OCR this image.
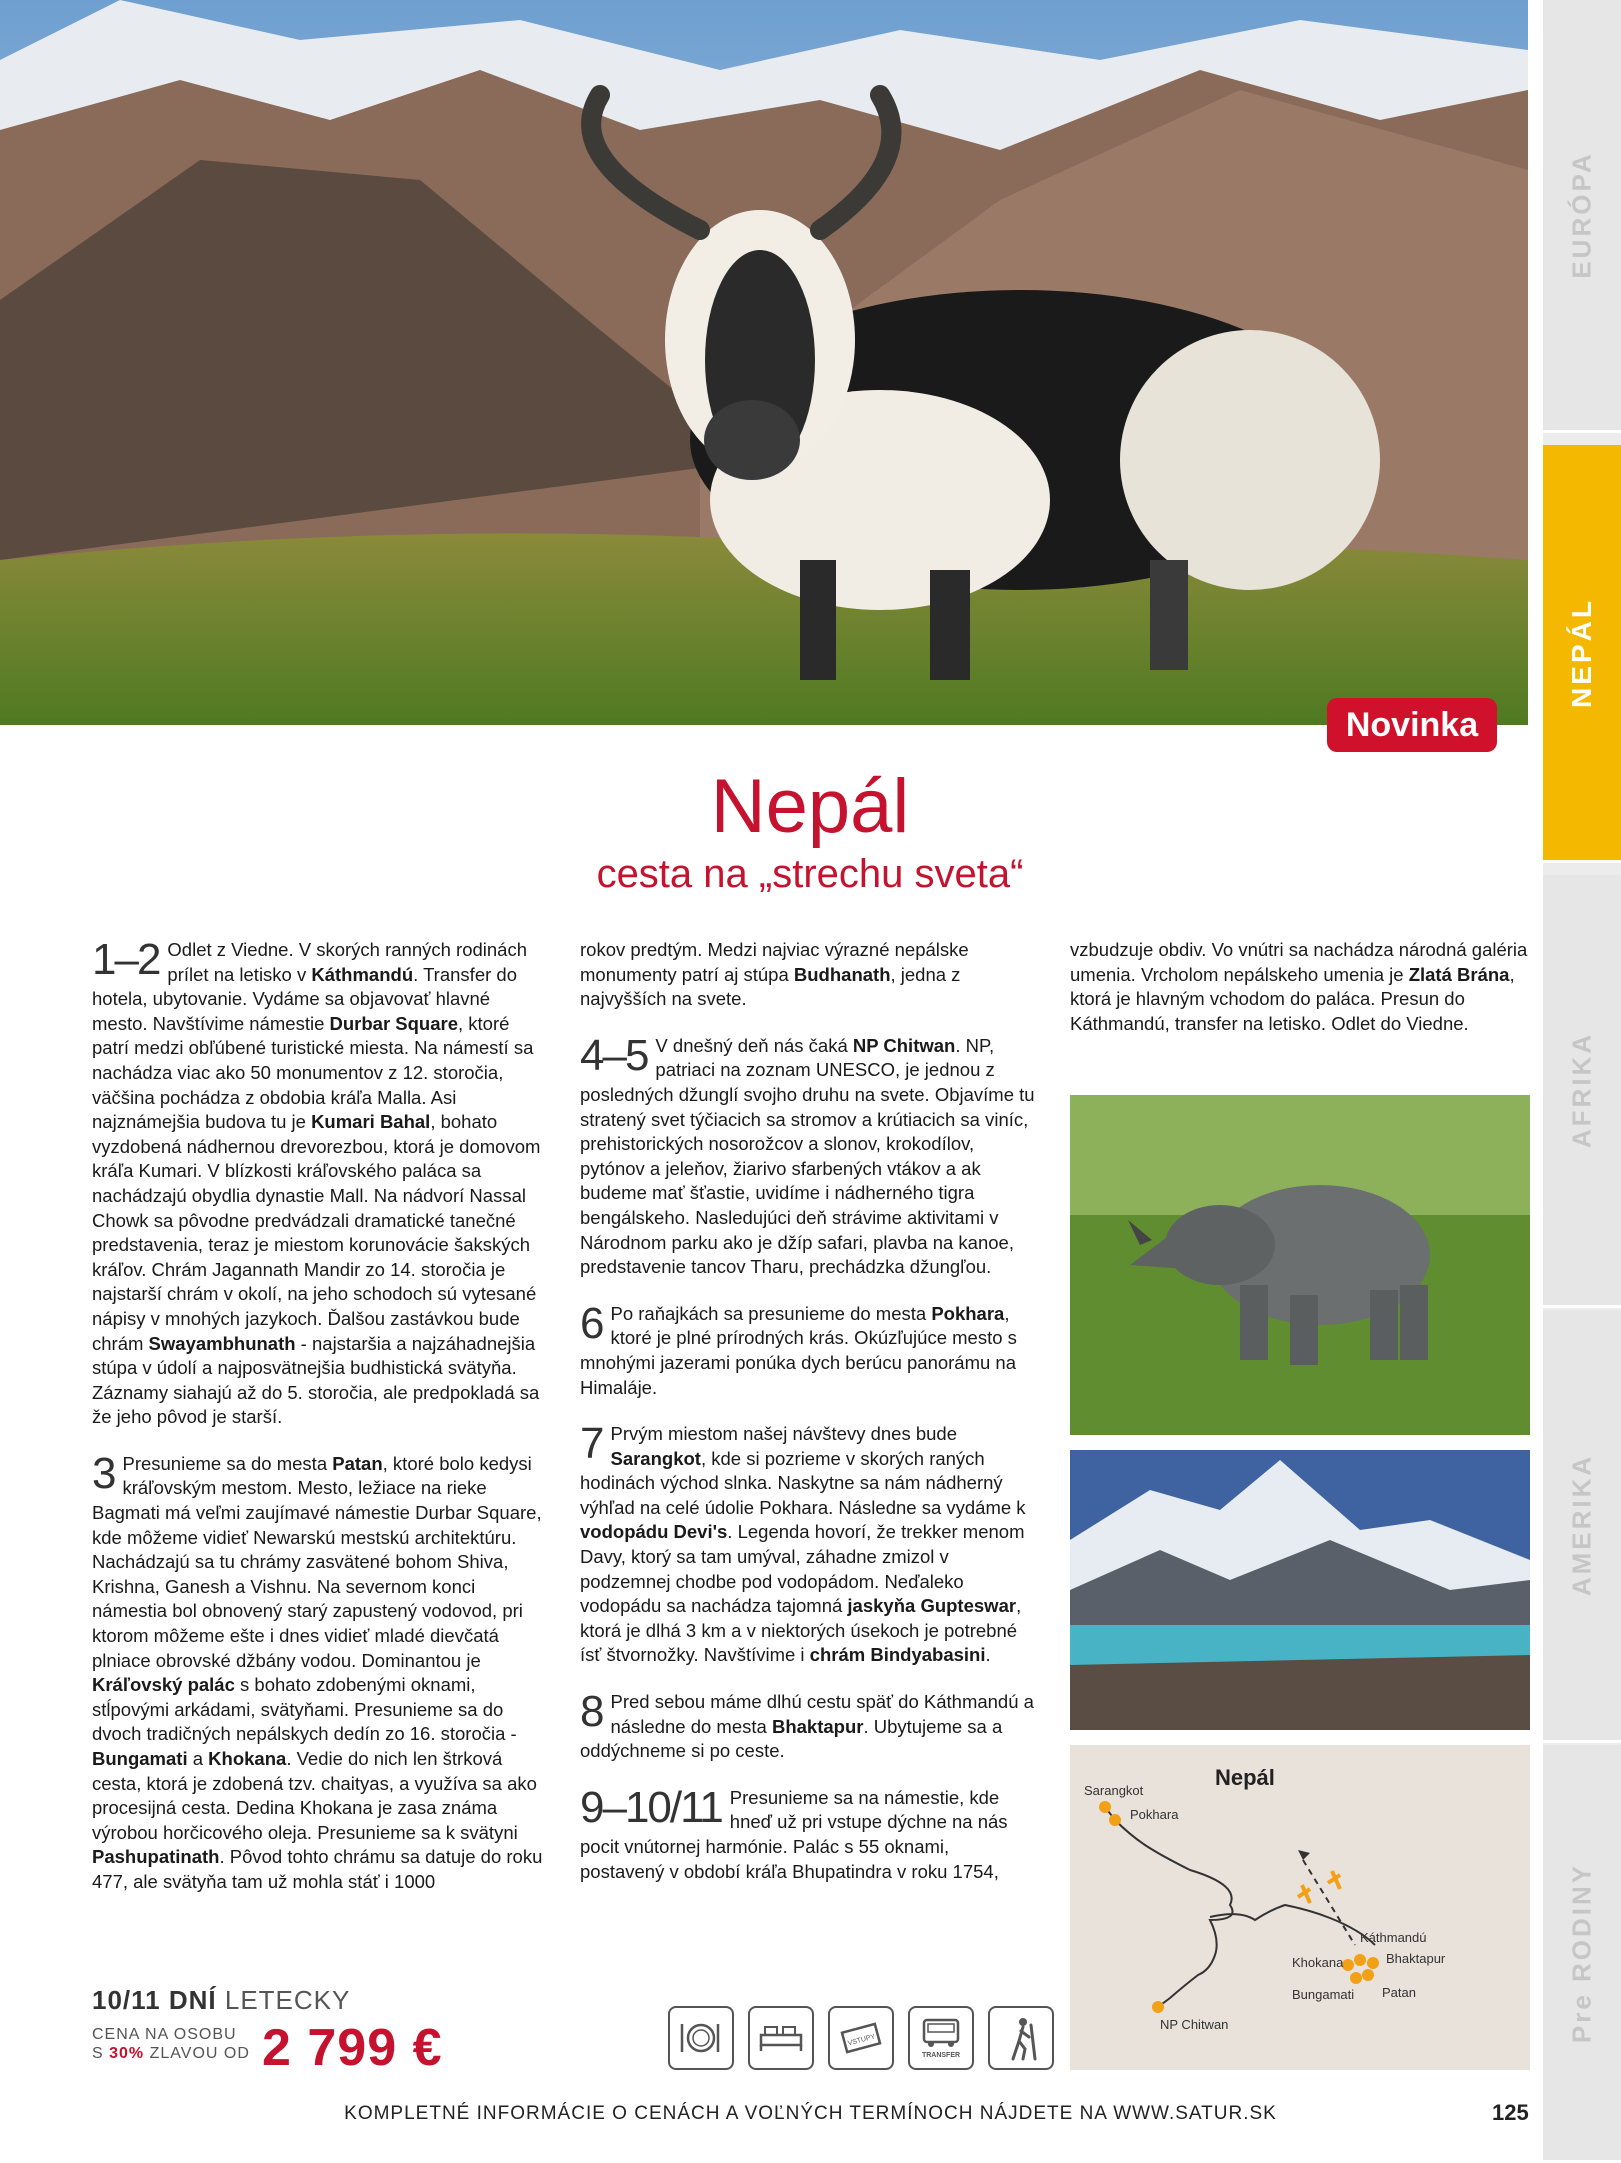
Novinka
EURÓPA
NEPÁL
AFRIKA
AMERIKA
Pre RODINY
Nepál
cesta na „strechu sveta“

1–2 Odlet z Viedne. V skorých ranných rodinách prílet na letisko v Káthmandú. Transfer do hotela, ubytovanie. Vydáme sa objavovať hlavné mesto. Navštívime námestie Durbar Square, ktoré patrí medzi obľúbené turistické miesta. Na námestí sa nachádza viac ako 50 monumentov z 12. storočia, väčšina pochádza z obdobia kráľa Malla. Asi najznámejšia budova tu je Kumari Bahal, bohato vyzdobená nádhernou drevorezbou, ktorá je domovom kráľa Kumari. V blízkosti kráľovského paláca sa nachádzajú obydlia dynastie Mall. Na nádvorí Nassal Chowk sa pôvodne predvádzali dramatické tanečné predstavenia, teraz je miestom korunovácie šakských kráľov. Chrám Jagannath Mandir zo 14. storočia je najstarší chrám v okolí, na jeho schodoch sú vytesané nápisy v mnohých jazykoch. Ďalšou zastávkou bude chrám Swayambhunath - najstaršia a najzáhadnejšia stúpa v údolí a najposvätnejšia budhistická svätyňa. Záznamy siahajú až do 5. storočia, ale predpokladá sa že jeho pôvod je starší.

3 Presunieme sa do mesta Patan, ktoré bolo kedysi kráľovským mestom. Mesto, ležiace na rieke Bagmati má veľmi zaujímavé námestie Durbar Square, kde môžeme vidieť Newarskú mestskú architektúru. Nachádzajú sa tu chrámy zasvätené bohom Shiva, Krishna, Ganesh a Vishnu. Na severnom konci námestia bol obnovený starý zapustený vodovod, pri ktorom môžeme ešte i dnes vidieť mladé dievčatá plniace obrovské džbány vodou. Dominantou je Kráľovský palác s bohato zdobenými oknami, stĺpovými arkádami, svätyňami. Presunieme sa do dvoch tradičných nepálskych dedín zo 16. storočia - Bungamati a Khokana. Vedie do nich len štrková cesta, ktorá je zdobená tzv. chaityas, a využíva sa ako procesijná cesta. Dedina Khokana je zasa známa výrobou horčicového oleja. Presunieme sa k svätyni Pashupatinath. Pôvod tohto chrámu sa datuje do roku 477, ale svätyňa tam už mohla stáť i 1000

rokov predtým. Medzi najviac výrazné nepálske monumenty patrí aj stúpa Budhanath, jedna z najvyšších na svete.

4–5 V dnešný deň nás čaká NP Chitwan. NP, patriaci na zoznam UNESCO, je jednou z posledných džunglí svojho druhu na svete. Objavíme tu stratený svet týčiacich sa stromov a krútiacich sa viníc, prehistorických nosorožcov a slonov, krokodílov, pytónov a jeleňov, žiarivo sfarbených vtákov a ak budeme mať šťastie, uvidíme i nádherného tigra bengálskeho. Nasledujúci deň strávime aktivitami v Národnom parku ako je džíp safari, plavba na kanoe, predstavenie tancov Tharu, prechádzka džungľou.

6 Po raňajkách sa presunieme do mesta Pokhara, ktoré je plné prírodných krás. Okúzľujúce mesto s mnohými jazerami ponúka dych berúcu panorámu na Himaláje.

7 Prvým miestom našej návštevy dnes bude Sarangkot, kde si pozrieme v skorých raných hodinách východ slnka. Naskytne sa nám nádherný výhľad na celé údolie Pokhara. Následne sa vydáme k vodopádu Devi's. Legenda hovorí, že trekker menom Davy, ktorý sa tam umýval, záhadne zmizol v podzemnej chodbe pod vodopádom. Neďaleko vodopádu sa nachádza tajomná jaskyňa Gupteswar, ktorá je dlhá 3 km a v niektorých úsekoch je potrebné ísť štvornožky. Navštívime i chrám Bindyabasini.

8 Pred sebou máme dlhú cestu späť do Káthmandú a následne do mesta Bhaktapur. Ubytujeme sa a oddýchneme si po ceste.

9–10/11 Presunieme sa na námestie, kde hneď už pri vstupe dýchne na nás pocit vnútornej harmónie. Palác s 55 oknami, postavený v období kráľa Bhupatindra v roku 1754,

vzbudzuje obdiv. Vo vnútri sa nachádza národná galéria umenia. Vrcholom nepálskeho umenia je Zlatá Brána, ktorá je hlavným vchodom do paláca. Presun do Káthmandú, transfer na letisko. Odlet do Viedne.

Nepál
Sarangkot
Pokhara
Káthmandú
Khokana	Bhaktapur
Bungamati Patan
NP Chitwan
10/11 DNÍ LETECKY
CENA NA OSOBU
S 30% ZLAVOU OD 2 799 €	VSTUPY
TRANSFER
KOMPLETNÉ INFORMÁCIE O CENÁCH A VOĽNÝCH TERMÍNOCH NÁJDETE NA WWW.SATUR.SK	125
